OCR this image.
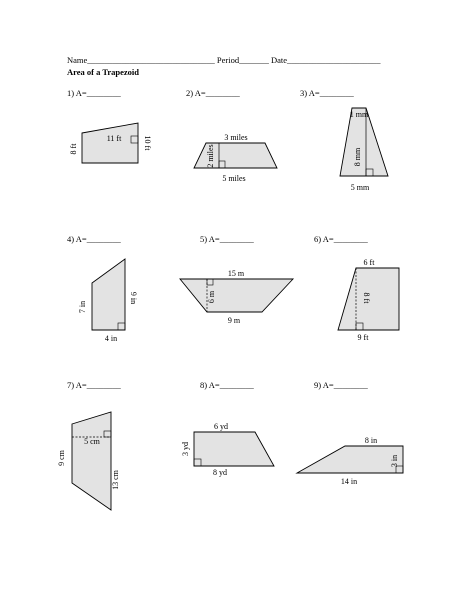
Name______________________________ Period_______ Date______________________
Area of a Trapezoid
1) A=________	2) A=________	3) A=________
4) A=________	5) A=________	6) A=________
7) A=________	8) A=________	9) A=________
8 ft
11 ft	10 ft	3 miles
2 miles
5 miles
1 mm
8 mm
5 mm
7 in
9 in
4 in
15 m
6 m
9 m
6 ft
8 ft
9 ft
5 cm
9 cm
13 cm
6 yd
3 yd
8 yd
8 in
3 in
14 in
